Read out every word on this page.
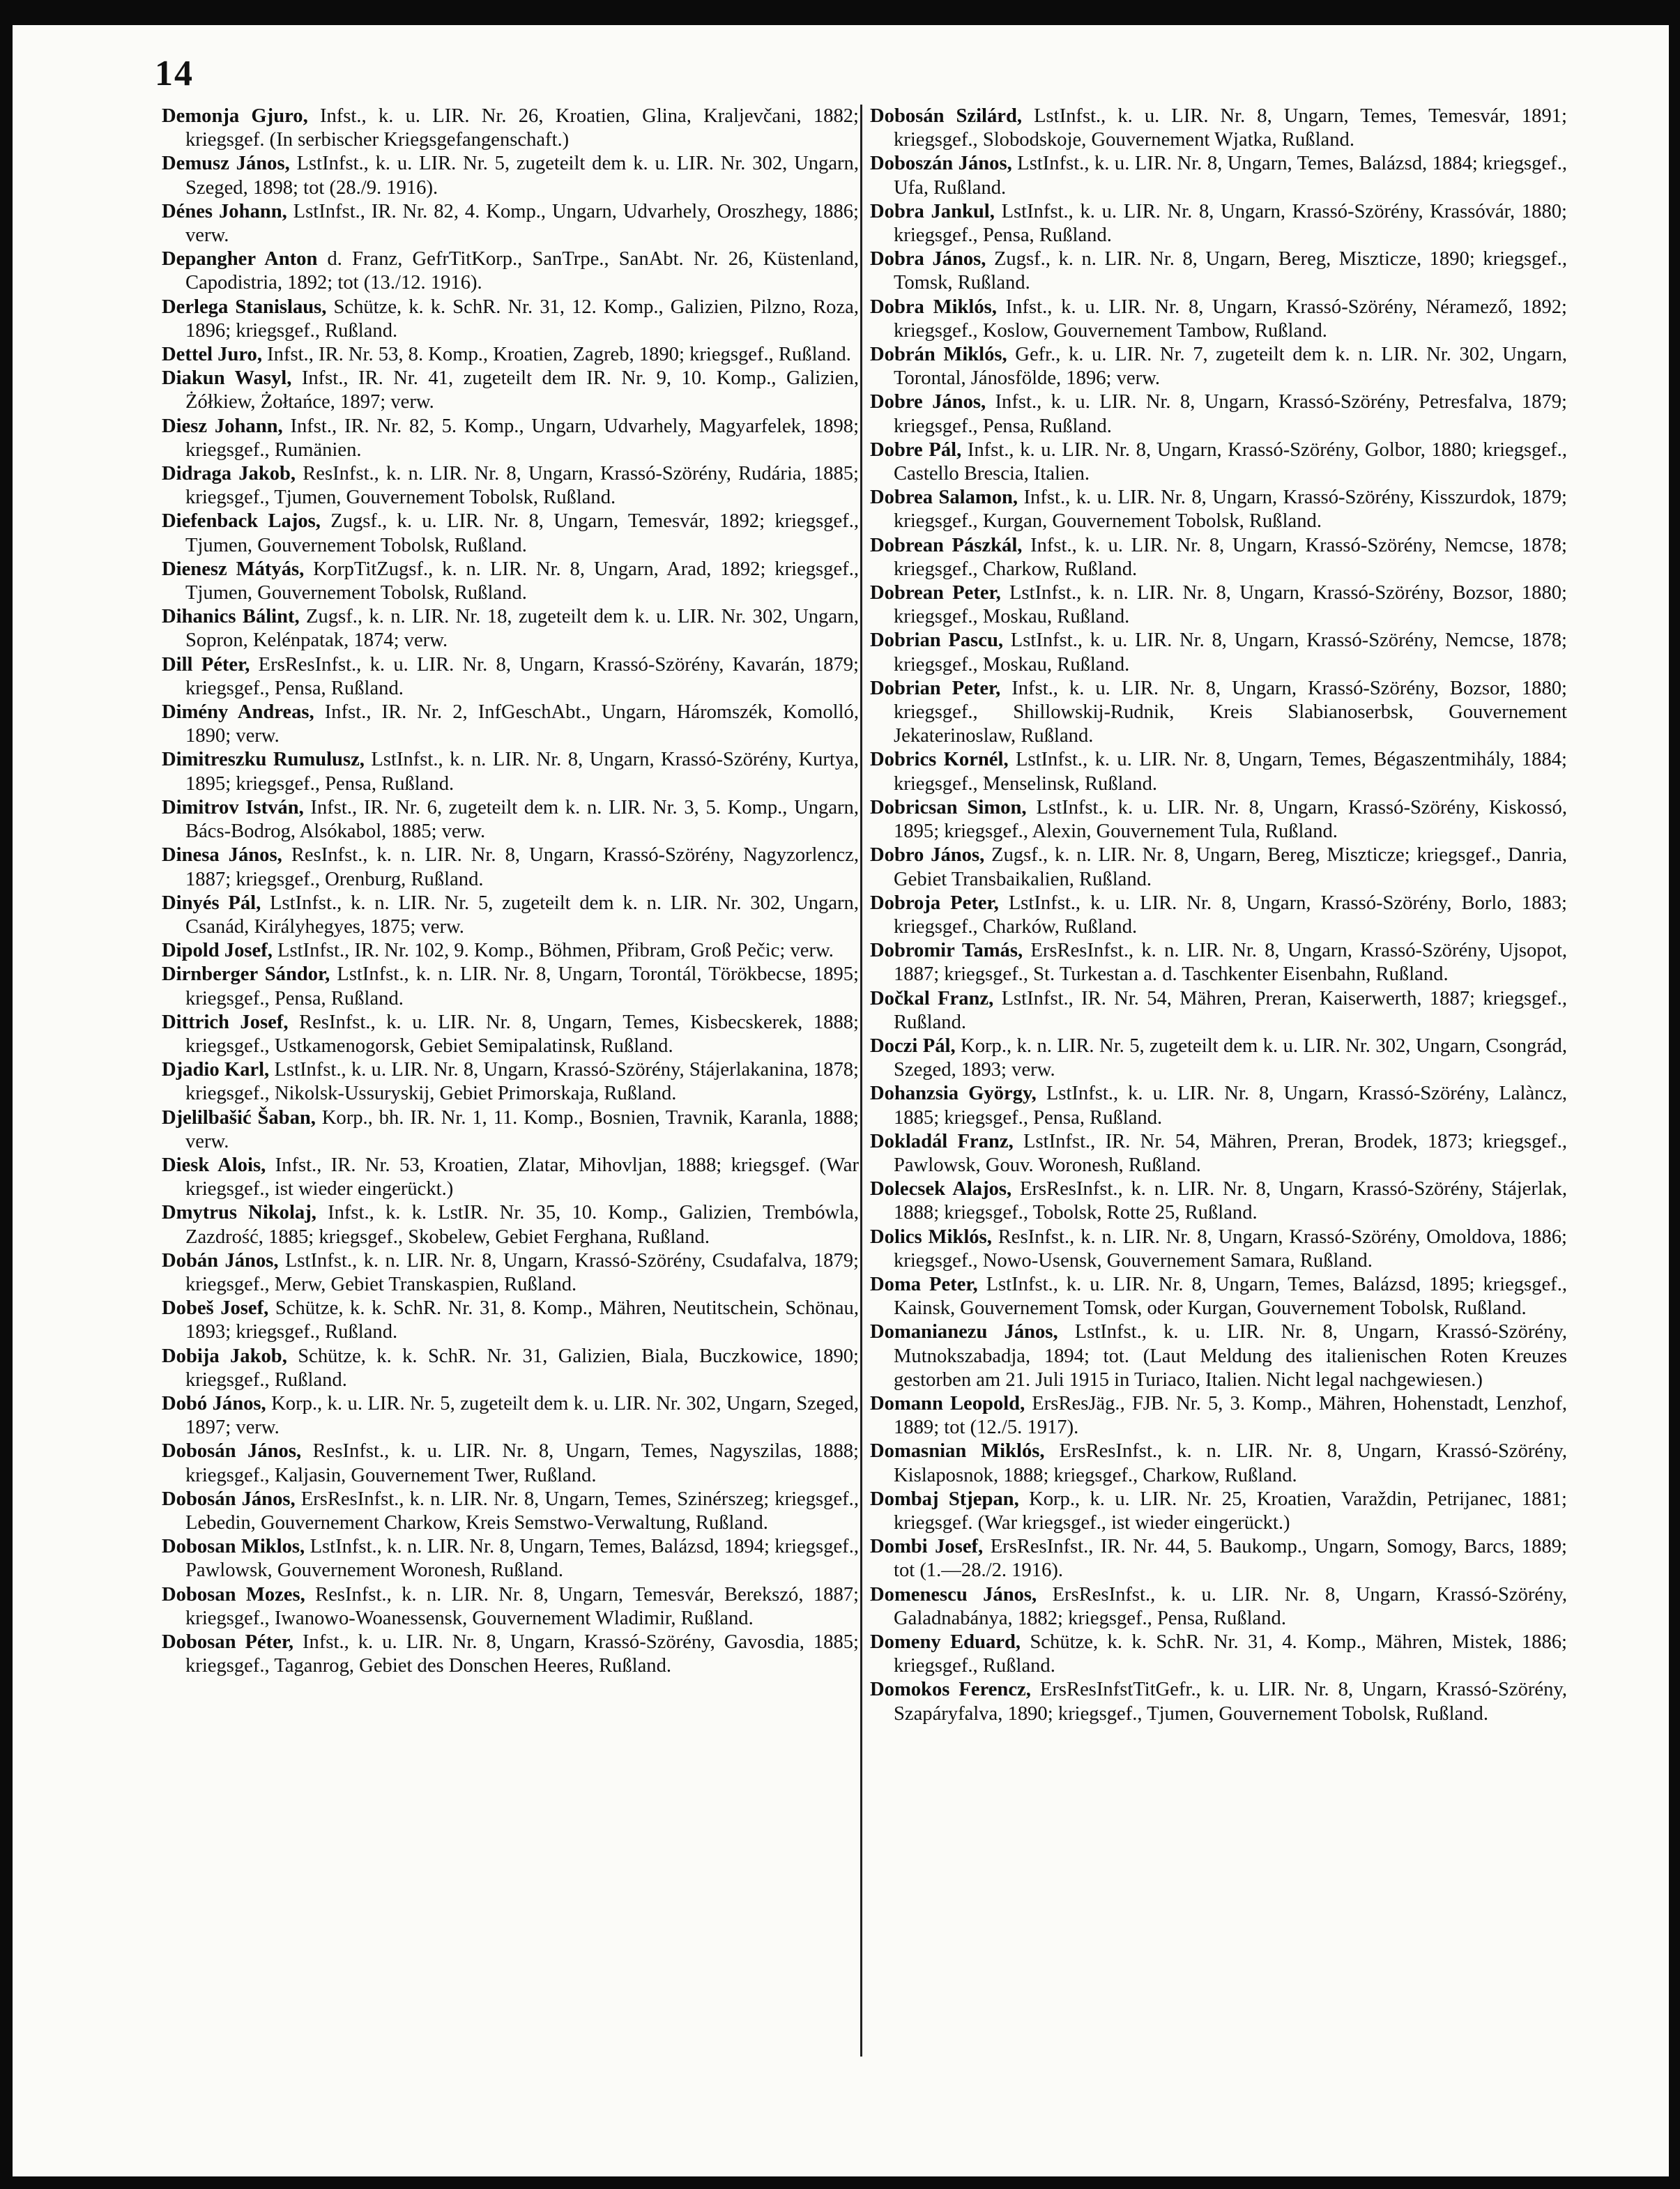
14

Demonja Gjuro, Infst., k. u. LIR. Nr. 26, Kroatien, Glina, Kraljevčani, 1882; kriegsgef. (In serbischer Kriegsgefangenschaft.)

Demusz János, LstInfst., k. u. LIR. Nr. 5, zugeteilt dem k. u. LIR. Nr. 302, Ungarn, Szeged, 1898; tot (28./9. 1916).

Dénes Johann, LstInfst., IR. Nr. 82, 4. Komp., Ungarn, Udvarhely, Oroszhegy, 1886; verw.

Depangher Anton d. Franz, GefrTitKorp., SanTrpe., SanAbt. Nr. 26, Küstenland, Capodistria, 1892; tot (13./12. 1916).

Derlega Stanislaus, Schütze, k. k. SchR. Nr. 31, 12. Komp., Galizien, Pilzno, Roza, 1896; kriegsgef., Rußland.

Dettel Juro, Infst., IR. Nr. 53, 8. Komp., Kroatien, Zagreb, 1890; kriegsgef., Rußland.

Diakun Wasyl, Infst., IR. Nr. 41, zugeteilt dem IR. Nr. 9, 10. Komp., Galizien, Żółkiew, Żołtańce, 1897; verw.

Diesz Johann, Infst., IR. Nr. 82, 5. Komp., Ungarn, Udvarhely, Magyarfelek, 1898; kriegsgef., Rumänien.

Didraga Jakob, ResInfst., k. n. LIR. Nr. 8, Ungarn, Krassó-Szörény, Rudária, 1885; kriegsgef., Tjumen, Gouvernement Tobolsk, Rußland.

Diefenback Lajos, Zugsf., k. u. LIR. Nr. 8, Ungarn, Temesvár, 1892; kriegsgef., Tjumen, Gouvernement Tobolsk, Rußland.

Dienesz Mátyás, KorpTitZugsf., k. n. LIR. Nr. 8, Ungarn, Arad, 1892; kriegsgef., Tjumen, Gouvernement Tobolsk, Rußland.

Dihanics Bálint, Zugsf., k. n. LIR. Nr. 18, zugeteilt dem k. u. LIR. Nr. 302, Ungarn, Sopron, Kelénpatak, 1874; verw.

Dill Péter, ErsResInfst., k. u. LIR. Nr. 8, Ungarn, Krassó-Szörény, Kavarán, 1879; kriegsgef., Pensa, Rußland.

Dimény Andreas, Infst., IR. Nr. 2, InfGeschAbt., Ungarn, Háromszék, Komolló, 1890; verw.

Dimitreszku Rumulusz, LstInfst., k. n. LIR. Nr. 8, Ungarn, Krassó-Szörény, Kurtya, 1895; kriegsgef., Pensa, Rußland.

Dimitrov István, Infst., IR. Nr. 6, zugeteilt dem k. n. LIR. Nr. 3, 5. Komp., Ungarn, Bács-Bodrog, Alsókabol, 1885; verw.

Dinesa János, ResInfst., k. n. LIR. Nr. 8, Ungarn, Krassó-Szörény, Nagyzorlencz, 1887; kriegsgef., Orenburg, Rußland.

Dinyés Pál, LstInfst., k. n. LIR. Nr. 5, zugeteilt dem k. n. LIR. Nr. 302, Ungarn, Csanád, Királyhegyes, 1875; verw.

Dipold Josef, LstInfst., IR. Nr. 102, 9. Komp., Böhmen, Přibram, Groß Pečic; verw.

Dirnberger Sándor, LstInfst., k. n. LIR. Nr. 8, Ungarn, Torontál, Törökbecse, 1895; kriegsgef., Pensa, Rußland.

Dittrich Josef, ResInfst., k. u. LIR. Nr. 8, Ungarn, Temes, Kisbecskerek, 1888; kriegsgef., Ustkamenogorsk, Gebiet Semipalatinsk, Rußland.

Djadio Karl, LstInfst., k. u. LIR. Nr. 8, Ungarn, Krassó-Szörény, Stájerlakanina, 1878; kriegsgef., Nikolsk-Ussuryskij, Gebiet Primorskaja, Rußland.

Djelilbašić Šaban, Korp., bh. IR. Nr. 1, 11. Komp., Bosnien, Travnik, Karanla, 1888; verw.

Diesk Alois, Infst., IR. Nr. 53, Kroatien, Zlatar, Mihovljan, 1888; kriegsgef. (War kriegsgef., ist wieder eingerückt.)

Dmytrus Nikolaj, Infst., k. k. LstIR. Nr. 35, 10. Komp., Galizien, Trembówla, Zazdrość, 1885; kriegsgef., Skobelew, Gebiet Ferghana, Rußland.

Dobán János, LstInfst., k. n. LIR. Nr. 8, Ungarn, Krassó-Szörény, Csudafalva, 1879; kriegsgef., Merw, Gebiet Transkaspien, Rußland.

Dobeš Josef, Schütze, k. k. SchR. Nr. 31, 8. Komp., Mähren, Neutitschein, Schönau, 1893; kriegsgef., Rußland.

Dobija Jakob, Schütze, k. k. SchR. Nr. 31, Galizien, Biala, Buczkowice, 1890; kriegsgef., Rußland.

Dobó János, Korp., k. u. LIR. Nr. 5, zugeteilt dem k. u. LIR. Nr. 302, Ungarn, Szeged, 1897; verw.

Dobosán János, ResInfst., k. u. LIR. Nr. 8, Ungarn, Temes, Nagyszilas, 1888; kriegsgef., Kaljasin, Gouvernement Twer, Rußland.

Dobosán János, ErsResInfst., k. n. LIR. Nr. 8, Ungarn, Temes, Szinérszeg; kriegsgef., Lebedin, Gouvernement Charkow, Kreis Semstwo-Verwaltung, Rußland.

Dobosan Miklos, LstInfst., k. n. LIR. Nr. 8, Ungarn, Temes, Balázsd, 1894; kriegsgef., Pawlowsk, Gouvernement Woronesh, Rußland.

Dobosan Mozes, ResInfst., k. n. LIR. Nr. 8, Ungarn, Temesvár, Berekszó, 1887; kriegsgef., Iwanowo-Woanessensk, Gouvernement Wladimir, Rußland.

Dobosan Péter, Infst., k. u. LIR. Nr. 8, Ungarn, Krassó-Szörény, Gavosdia, 1885; kriegsgef., Taganrog, Gebiet des Donschen Heeres, Rußland.

Dobosán Szilárd, LstInfst., k. u. LIR. Nr. 8, Ungarn, Temes, Temesvár, 1891; kriegsgef., Slobodskoje, Gouvernement Wjatka, Rußland.

Doboszán János, LstInfst., k. u. LIR. Nr. 8, Ungarn, Temes, Balázsd, 1884; kriegsgef., Ufa, Rußland.

Dobra Jankul, LstInfst., k. u. LIR. Nr. 8, Ungarn, Krassó-Szörény, Krassóvár, 1880; kriegsgef., Pensa, Rußland.

Dobra János, Zugsf., k. n. LIR. Nr. 8, Ungarn, Bereg, Miszticze, 1890; kriegsgef., Tomsk, Rußland.

Dobra Miklós, Infst., k. u. LIR. Nr. 8, Ungarn, Krassó-Szörény, Néramező, 1892; kriegsgef., Koslow, Gouvernement Tambow, Rußland.

Dobrán Miklós, Gefr., k. u. LIR. Nr. 7, zugeteilt dem k. n. LIR. Nr. 302, Ungarn, Torontal, Jánosfölde, 1896; verw.

Dobre János, Infst., k. u. LIR. Nr. 8, Ungarn, Krassó-Szörény, Petresfalva, 1879; kriegsgef., Pensa, Rußland.

Dobre Pál, Infst., k. u. LIR. Nr. 8, Ungarn, Krassó-Szörény, Golbor, 1880; kriegsgef., Castello Brescia, Italien.

Dobrea Salamon, Infst., k. u. LIR. Nr. 8, Ungarn, Krassó-Szörény, Kisszurdok, 1879; kriegsgef., Kurgan, Gouvernement Tobolsk, Rußland.

Dobrean Pászkál, Infst., k. u. LIR. Nr. 8, Ungarn, Krassó-Szörény, Nemcse, 1878; kriegsgef., Charkow, Rußland.

Dobrean Peter, LstInfst., k. n. LIR. Nr. 8, Ungarn, Krassó-Szörény, Bozsor, 1880; kriegsgef., Moskau, Rußland.

Dobrian Pascu, LstInfst., k. u. LIR. Nr. 8, Ungarn, Krassó-Szörény, Nemcse, 1878; kriegsgef., Moskau, Rußland.

Dobrian Peter, Infst., k. u. LIR. Nr. 8, Ungarn, Krassó-Szörény, Bozsor, 1880; kriegsgef., Shillowskij-Rudnik, Kreis Slabianoserbsk, Gouvernement Jekaterinoslaw, Rußland.

Dobrics Kornél, LstInfst., k. u. LIR. Nr. 8, Ungarn, Temes, Bégaszentmihály, 1884; kriegsgef., Menselinsk, Rußland.

Dobricsan Simon, LstInfst., k. u. LIR. Nr. 8, Ungarn, Krassó-Szörény, Kiskossó, 1895; kriegsgef., Alexin, Gouvernement Tula, Rußland.

Dobro János, Zugsf., k. n. LIR. Nr. 8, Ungarn, Bereg, Miszticze; kriegsgef., Danria, Gebiet Transbaikalien, Rußland.

Dobroja Peter, LstInfst., k. u. LIR. Nr. 8, Ungarn, Krassó-Szörény, Borlo, 1883; kriegsgef., Charków, Rußland.

Dobromir Tamás, ErsResInfst., k. n. LIR. Nr. 8, Ungarn, Krassó-Szörény, Ujsopot, 1887; kriegsgef., St. Turkestan a. d. Taschkenter Eisenbahn, Rußland.

Dočkal Franz, LstInfst., IR. Nr. 54, Mähren, Preran, Kaiserwerth, 1887; kriegsgef., Rußland.

Doczi Pál, Korp., k. n. LIR. Nr. 5, zugeteilt dem k. u. LIR. Nr. 302, Ungarn, Csongrád, Szeged, 1893; verw.

Dohanzsia György, LstInfst., k. u. LIR. Nr. 8, Ungarn, Krassó-Szörény, Lalàncz, 1885; kriegsgef., Pensa, Rußland.

Dokladál Franz, LstInfst., IR. Nr. 54, Mähren, Preran, Brodek, 1873; kriegsgef., Pawlowsk, Gouv. Woronesh, Rußland.

Dolecsek Alajos, ErsResInfst., k. n. LIR. Nr. 8, Ungarn, Krassó-Szörény, Stájerlak, 1888; kriegsgef., Tobolsk, Rotte 25, Rußland.

Dolics Miklós, ResInfst., k. n. LIR. Nr. 8, Ungarn, Krassó-Szörény, Omoldova, 1886; kriegsgef., Nowo-Usensk, Gouvernement Samara, Rußland.

Doma Peter, LstInfst., k. u. LIR. Nr. 8, Ungarn, Temes, Balázsd, 1895; kriegsgef., Kainsk, Gouvernement Tomsk, oder Kurgan, Gouvernement Tobolsk, Rußland.

Domanianezu János, LstInfst., k. u. LIR. Nr. 8, Ungarn, Krassó-Szörény, Mutnokszabadja, 1894; tot. (Laut Meldung des italienischen Roten Kreuzes gestorben am 21. Juli 1915 in Turiaco, Italien. Nicht legal nachgewiesen.)

Domann Leopold, ErsResJäg., FJB. Nr. 5, 3. Komp., Mähren, Hohenstadt, Lenzhof, 1889; tot (12./5. 1917).

Domasnian Miklós, ErsResInfst., k. n. LIR. Nr. 8, Ungarn, Krassó-Szörény, Kislaposnok, 1888; kriegsgef., Charkow, Rußland.

Dombaj Stjepan, Korp., k. u. LIR. Nr. 25, Kroatien, Varaždin, Petrijanec, 1881; kriegsgef. (War kriegsgef., ist wieder eingerückt.)

Dombi Josef, ErsResInfst., IR. Nr. 44, 5. Baukomp., Ungarn, Somogy, Barcs, 1889; tot (1.—28./2. 1916).

Domenescu János, ErsResInfst., k. u. LIR. Nr. 8, Ungarn, Krassó-Szörény, Galadnabánya, 1882; kriegsgef., Pensa, Rußland.

Domeny Eduard, Schütze, k. k. SchR. Nr. 31, 4. Komp., Mähren, Mistek, 1886; kriegsgef., Rußland.

Domokos Ferencz, ErsResInfstTitGefr., k. u. LIR. Nr. 8, Ungarn, Krassó-Szörény, Szapáryfalva, 1890; kriegsgef., Tjumen, Gouvernement Tobolsk, Rußland.
